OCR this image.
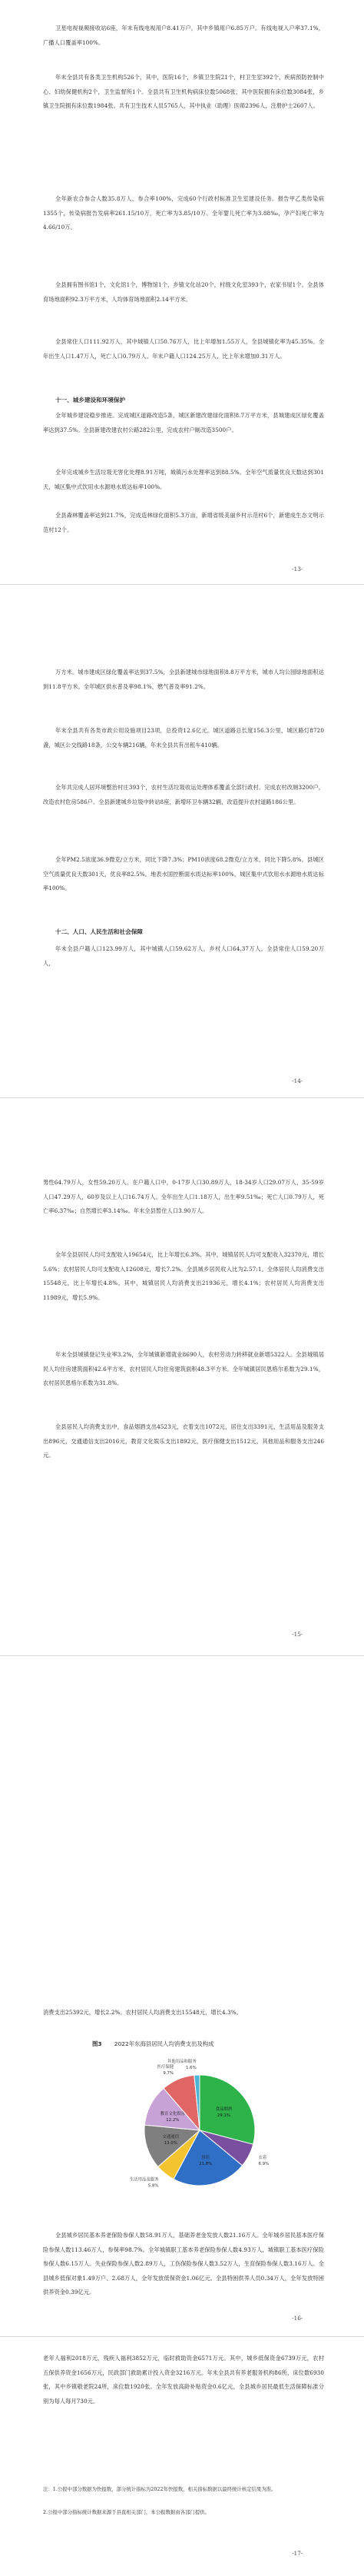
卫星电视视频接收站6座，年末有线电视用户8.41万户，其中乡镇用户6.85万户。有线电视入户率37.1%，广播人口覆盖率100%。

年末全县共有各类卫生机构526个，其中，医院16个，乡镇卫生院21个，村卫生室392个，疾病预防控制中心、妇幼保健机构2个，卫生监督所1个。全县共有卫生机构病床位数5068张，其中医院拥有床位数3084张，乡镇卫生院拥有床位数1984张。共有卫生技术人员5765人，其中执业（助理）医师2396人，注册护士2607人。

全年新农合参合人数35.8万人，参合率100%，完成60个行政村标准卫生室建设任务。报告甲乙类传染病1355个，传染病报告发病率261.15/10万，死亡率为3.85/10万。全年婴儿死亡率为3.88‰，孕产妇死亡率为4.66/10万。

全县拥有图书馆1个，文化馆1个，博物馆1个，乡镇文化站20个，村级文化室393个，农家书屋1个。全县体育场地面积92.3万平方米，人均体育场地面积2.14平方米。

全县常住人口111.92万人，其中城镇人口50.76万人，比上年增加1.55万人，全县城镇化率为45.35%。全年出生人口1.47万人，死亡人口0.79万人。年末户籍人口124.25万人，比上年末增加0.31万人。

十一、城乡建设和环境保护

全年城乡建设稳步推进。完成城区道路改造5条，城区新建改建绿化面积8.7万平方米，县城建成区绿化覆盖率达到37.5%。全县新建改建农村公路282公里，完成农村户厕改造3500户。

全年完成城乡生活垃圾无害化处理8.91万吨，城镇污水处理率达到88.5%。全年空气质量优良天数达到301天，城区集中式饮用水水源地水质达标率100%。

全县森林覆盖率达到21.7%，完成造林绿化面积5.3万亩，新增省级美丽乡村示范村6个，新建成生态文明示范村12个。

-13-

万方米。城市建成区绿化覆盖率达到37.5%，全县新建城市绿地面积8.8万平方米，城市人均公园绿地面积达到11.8平方米。全年城区供水普及率98.1%，燃气普及率91.2%。

年末全县共有各类市政公用设施项目23项，总投资12.6亿元。城区道路总长度156.3公里，城区路灯8720盏，城区公交线路18条，公交车辆216辆，年末全县共有出租车410辆。

全年共完成人居环境整治村庄393个，农村生活垃圾收运处理体系覆盖全部行政村。完成农村改厕3200户，改造农村危房586户。全县新建城乡垃圾中转站8座，新增环卫车辆32辆，改造提升农村道路186公里。

全年PM2.5浓度36.9微克/立方米，同比下降7.3%；PM10浓度68.2微克/立方米，同比下降5.8%。县城区空气质量优良天数301天，优良率82.5%。地表水国控断面水质达标率100%，城区集中式饮用水水源地水质达标率100%。

十二、人口、人民生活和社会保障

年末全县户籍人口123.99万人，其中城镇人口59.62万人，乡村人口64.37万人。全县常住人口59.20万人，

-14-

男性64.79万人，女性59.20万人。在户籍人口中，0-17岁人口30.89万人，18-34岁人口29.07万人，35-59岁人口47.29万人，60岁及以上人口16.74万人。全年出生人口1.18万人，出生率9.51‰；死亡人口0.79万人，死亡率6.37‰；自然增长率3.14‰。年末全县暂住人口3.90万人。

全年全县居民人均可支配收入19654元，比上年增长6.3%。其中，城镇居民人均可支配收入32370元，增长5.6%；农村居民人均可支配收入12608元，增长7.2%。全县城乡居民收入比为2.57:1。全体居民人均消费支出15548元，比上年增长4.8%。其中，城镇居民人均消费支出21936元，增长4.1%；农村居民人均消费支出11989元，增长5.9%。

年末全县城镇登记失业率3.2%，全年城镇新增就业8690人，农村劳动力转移就业新增5322人。全县城镇居民人均住房建筑面积42.6平方米，农村居民人均住房建筑面积48.3平方米。全年城镇居民恩格尔系数为29.1%，农村居民恩格尔系数为31.8%。

全县居民人均消费支出中，食品烟酒支出4523元，衣着支出1072元，居住支出3391元，生活用品及服务支出896元，交通通信支出2016元，教育文化娱乐支出1892元，医疗保健支出1512元，其他用品和服务支出246元。

-15-

消费支出25392元，增长2.2%。农村居民人均消费支出15548元，增长4.3%。

图3 2022年东海县居民人均消费支出及构成
食品烟酒
29.1%
衣着
6.9%
居住
21.8%
生活用品及服务
5.8%
交通通信
13.0%
教育文化娱乐
12.2%
医疗保健
9.7%
其他用品和服务
1.6%

全县城乡居民基本养老保险参保人数58.91万人，基础养老金发放人数21.16万人。全年城乡居民基本医疗保险参保人数113.46万人，参保率98.7%。全年城镇职工基本养老保险参保人数4.93万人，城镇职工基本医疗保险参保人数6.15万人。失业保险参保人数2.89万人，工伤保险参保人数3.52万人，生育保险参保人数3.16万人。全县城乡低保对象1.49万户、2.68万人，全年发放低保资金1.06亿元。全县特困供养人员0.34万人，全年发放特困供养资金0.39亿元。

-16-

老年人福利2018万元，残疾人福利3852万元，临时救助资金6571万元。其中，城乡低保资金6739万元，农村五保供养资金1656万元，民政部门救助累计投入资金3216万元。年末全县共有养老服务机构86所，床位数6930张，其中乡镇敬老院24所，床位数1920张。全年发放高龄补贴资金0.6亿元，全县城乡居民最低生活保障标准分别为每人每月730元。

注：1.公报中部分数据为快报数，部分统计指标为2022年快报数，相关指标数据以最终统计核定结果为准。

2.公报中部分指标统计数据来源于县直相关部门，本公报数据由各部门提供。

-17-
